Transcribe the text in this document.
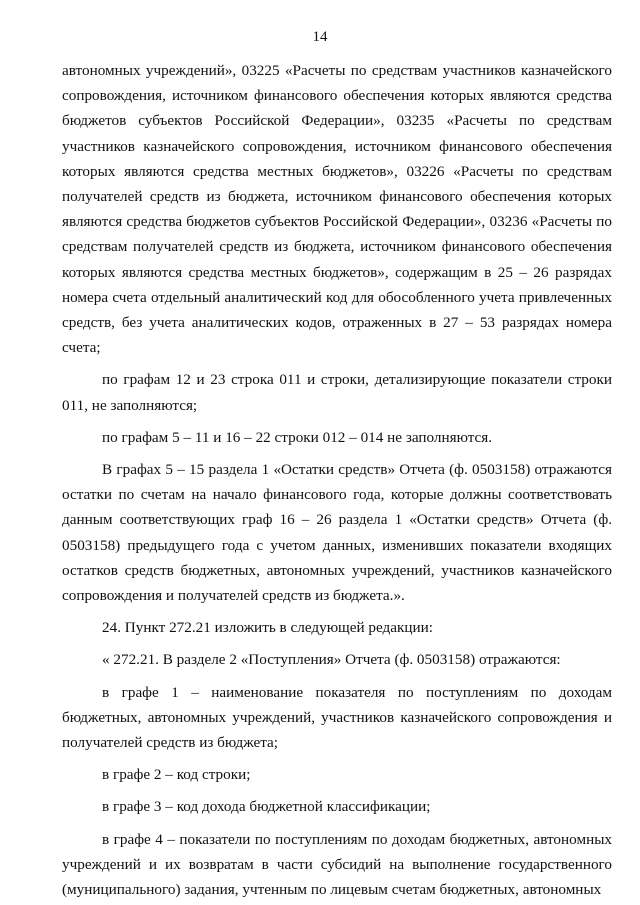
14

автономных учреждений», 03225 «Расчеты по средствам участников казначейского сопровождения, источником финансового обеспечения которых являются средства бюджетов субъектов Российской Федерации», 03235 «Расчеты по средствам участников казначейского сопровождения, источником финансового обеспечения которых являются средства местных бюджетов», 03226 «Расчеты по средствам получателей средств из бюджета, источником финансового обеспечения которых являются средства бюджетов субъектов Российской Федерации», 03236 «Расчеты по средствам получателей средств из бюджета, источником финансового обеспечения которых являются средства местных бюджетов», содержащим в 25 – 26 разрядах номера счета отдельный аналитический код для обособленного учета привлеченных средств, без учета аналитических кодов, отраженных в 27 – 53 разрядах номера счета;

по графам 12 и 23 строка 011 и строки, детализирующие показатели строки 011, не заполняются;

по графам 5 – 11 и 16 – 22 строки 012 – 014 не заполняются.

В графах 5 – 15 раздела 1 «Остатки средств» Отчета (ф. 0503158) отражаются остатки по счетам на начало финансового года, которые должны соответствовать данным соответствующих граф 16 – 26 раздела 1 «Остатки средств» Отчета (ф. 0503158) предыдущего года с учетом данных, изменивших показатели входящих остатков средств бюджетных, автономных учреждений, участников казначейского сопровождения и получателей средств из бюджета.».

24. Пункт 272.21 изложить в следующей редакции:

« 272.21. В разделе 2 «Поступления» Отчета (ф. 0503158) отражаются:

в графе 1 – наименование показателя по поступлениям по доходам бюджетных, автономных учреждений, участников казначейского сопровождения и получателей средств из бюджета;

в графе 2 – код строки;

в графе 3 – код дохода бюджетной классификации;

в графе 4 – показатели по поступлениям по доходам бюджетных, автономных учреждений и их возвратам в части субсидий на выполнение государственного (муниципального) задания, учтенным по лицевым счетам бюджетных, автономных
